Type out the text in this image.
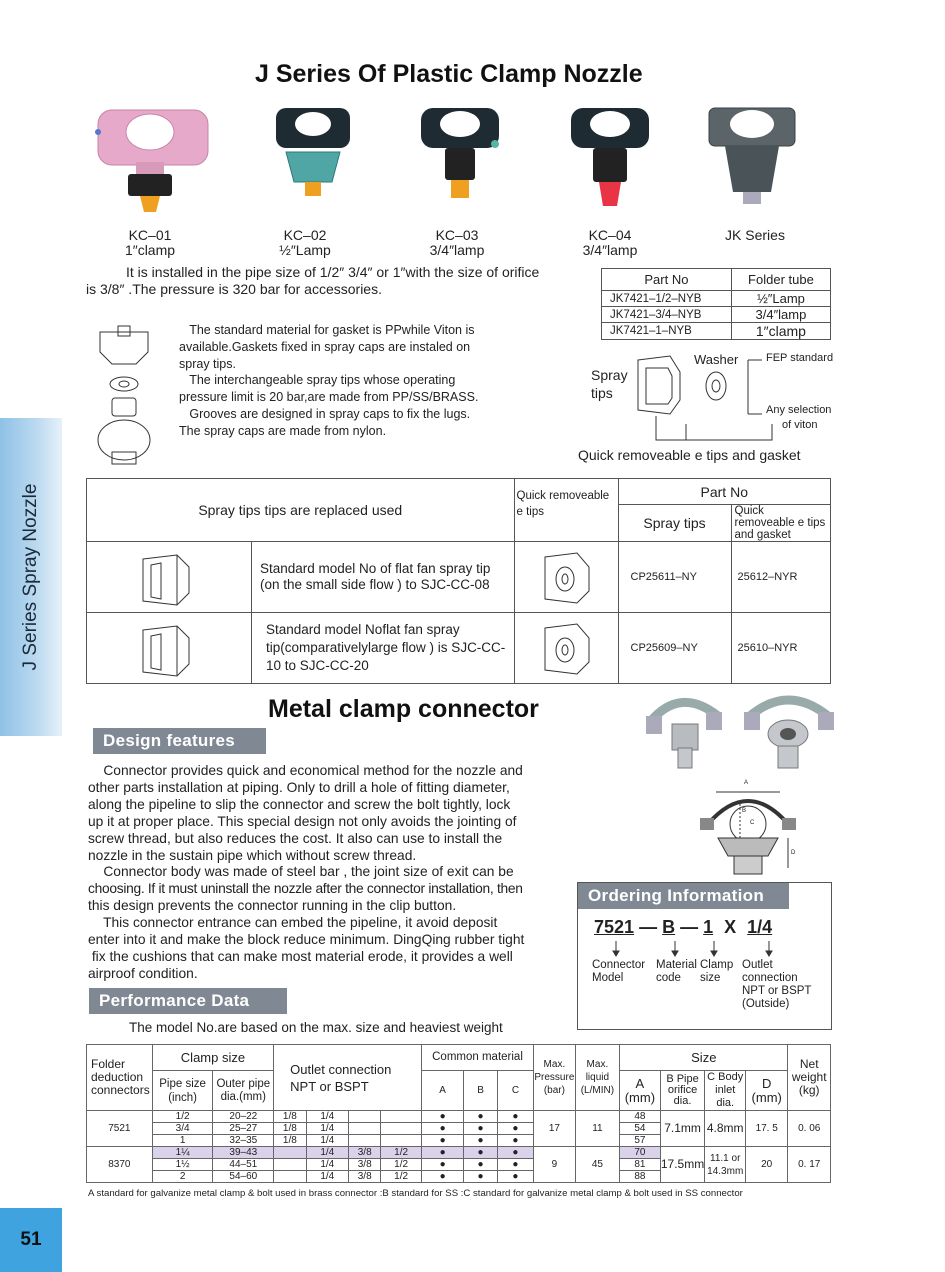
J Series Spray Nozzle
51
J Series Of Plastic Clamp Nozzle
KC–01
1″clamp
KC–02
½″Lamp
KC–03
3/4″lamp
KC–04
3/4″lamp
JK Series
It is installed in the pipe size of 1/2″ 3/4″ or 1″with the size of orifice
is 3/8″ .The pressure is 320 bar for accessories.
Part No	Folder tube
JK7421–1/2–NYB	½″Lamp
JK7421–3/4–NYB	3/4″lamp
JK7421–1–NYB	1″clamp
The standard material for gasket is PPwhile Viton is
available.Gaskets fixed in spray caps are instaled on
spray tips.
The interchangeable spray tips whose operating
pressure limit is 20 bar,are made from PP/SS/BRASS.
Grooves are designed in spray caps to fix the lugs.
The spray caps are made from nylon.
Spray tips
Washer	FEP standard
Any selection
of viton
Quick removeable e tips and gasket
Spray tips tips are replaced used		Quick removeable e tips	Part No	
			Spray tips	Quick removeable e tips and gasket

	Standard model No of flat fan spray tip (on the small side flow ) to SJC-CC-08		CP25611–NY	25612–NYR

	Standard model Noflat fan spray tip(comparativelylarge flow ) is SJC-CC-10 to SJC-CC-20		CP25609–NY	25610–NYR
Metal clamp connector
Design features
A
B
C
D
Connector provides quick and economical method for the nozzle and
other parts installation at piping. Only to drill a hole of fitting diameter,
along the pipeline to slip the connector and screw the bolt tightly, lock
up it at proper place. This special design not only avoids the jointing of
screw thread, but also reduces the cost. It also can use to install the
nozzle in the sustain pipe which without screw thread.
Connector body was made of steel bar , the joint size of exit can be
choosing. If it must uninstall the nozzle after the connector installation, then
this design prevents the connector running in the clip button.
This connector entrance can embed the pipeline, it avoid deposit
enter into it and make the block reduce minimum. DingQing rubber tight
fix the cushions that can make most material erode, it provides a well
airproof condition.
Ordering Information
7521 — B — 1 X 1/4
Connector Model
Material code
Clamp size
Outlet connection NPT or BSPT (Outside)
Performance Data
The model No.are based on the max. size and heaviest weight
Folder deduction connectors	Clamp size		Outlet connection NPT or BSPT				Common material			Max. Pressure (bar)	Max. liquid (L/MIN)	Size				Net weight (kg)
	Pipe size (inch)	Outer pipe dia.(mm)					A	B	C			A (mm)	B Pipe orifice dia.	C Body inlet dia.	D (mm)	
7521	1/2	20–22	1/8	1/4			●	●	●	17	11	48	7.1mm	4.8mm	17. 5	0. 06
	3/4	25–27	1/8	1/4			●	●	●			54				
	1	32–35	1/8	1/4			●	●	●			57				
8370	1¼	39–43		1/4	3/8	1/2	●	●	●	9	45	70	17.5mm	11.1 or 14.3mm	20	0. 17
	1½	44–51		1/4	3/8	1/2	●	●	●			81				
	2	54–60		1/4	3/8	1/2	●	●	●			88				
A standard for galvanize metal clamp & bolt used in brass connector :B standard for SS :C standard for galvanize metal clamp & bolt used in SS connector
